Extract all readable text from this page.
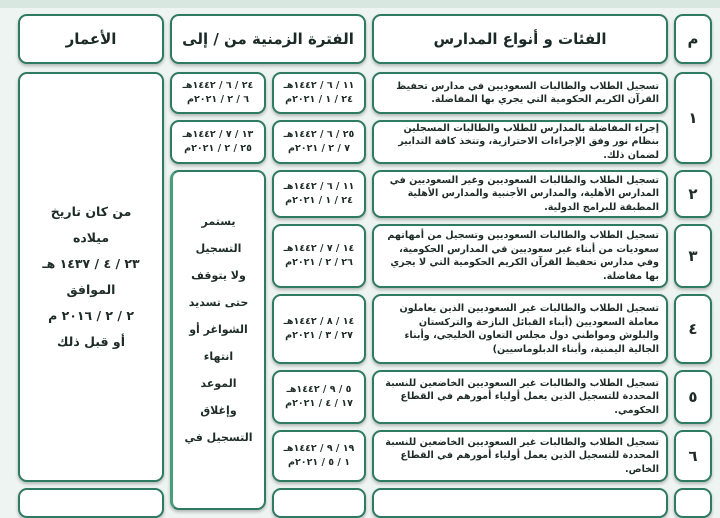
م
الفئات و أنواع المدارس
الفترة الزمنية من / إلى
الأعمار
١
تسجيل الطلاب والطالبات السعوديين في مدارس تحفيظ القرآن الكريم الحكومية التي يجري بها المفاضلة.
١١ / ٦ / ١٤٤٢هـ
٢٤ / ١ / ٢٠٢١م
٢٤ / ٦ / ١٤٤٢هـ
٦ / ٢ / ٢٠٢١م
إجراء المفاضلة بالمدارس للطلاب والطالبات المسجلين بنظام نور وفق الإجراءات الاحترازية، وتتخذ كافة التدابير لضمان ذلك.
٢٥ / ٦ / ١٤٤٢هـ
٧ / ٢ / ٢٠٢١م
١٣ / ٧ / ١٤٤٢هـ
٢٥ / ٢ / ٢٠٢١م
٢
تسجيل الطلاب والطالبات السعوديين وغير السعوديين في المدارس الأهلية، والمدارس الأجنبية والمدارس الأهلية المطبقة للبرامج الدولية.
١١ / ٦ / ١٤٤٢هـ
٢٤ / ١ / ٢٠٢١م
٣
تسجيل الطلاب والطالبات السعوديين وتسجيل من أمهاتهم سعوديات من أبناء غير سعوديين في المدارس الحكومية، وفي مدارس تحفيظ القرآن الكريم الحكومية التي لا يجري بها مفاضلة.
١٤ / ٧ / ١٤٤٢هـ
٢٦ / ٢ / ٢٠٢١م
٤
تسجيل الطلاب والطالبات غير السعوديين الذين يعاملون معاملة السعوديين (أبناء القبائل النازحة والتركستان والبلوش ومواطني دول مجلس التعاون الخليجي، وأبناء الجالية اليمنية، وأبناء الدبلوماسيين)
١٤ / ٨ / ١٤٤٢هـ
٢٧ / ٣ / ٢٠٢١م
٥
تسجيل الطلاب والطالبات غير السعوديين الخاضعين للنسبة المحددة للتسجيل الذين يعمل أولياء أمورهم في القطاع الحكومي.
٥ / ٩ / ١٤٤٢هـ
١٧ / ٤ / ٢٠٢١م
٦
تسجيل الطلاب والطالبات غير السعوديين الخاضعين للنسبة المحددة للتسجيل الذين يعمل أولياء أمورهم في القطاع الخاص.
١٩ / ٩ / ١٤٤٢هـ
١ / ٥ / ٢٠٢١م
يستمر
التسجيل
ولا يتوقف
حتى تسديد
الشواغر أو
انتهاء
الموعد
وإغلاق
التسجيل في
من كان تاريخ
ميلاده
٢٣ / ٤ / ١٤٣٧ هـ
الموافق
٢ / ٢ / ٢٠١٦ م
أو قبل ذلك
